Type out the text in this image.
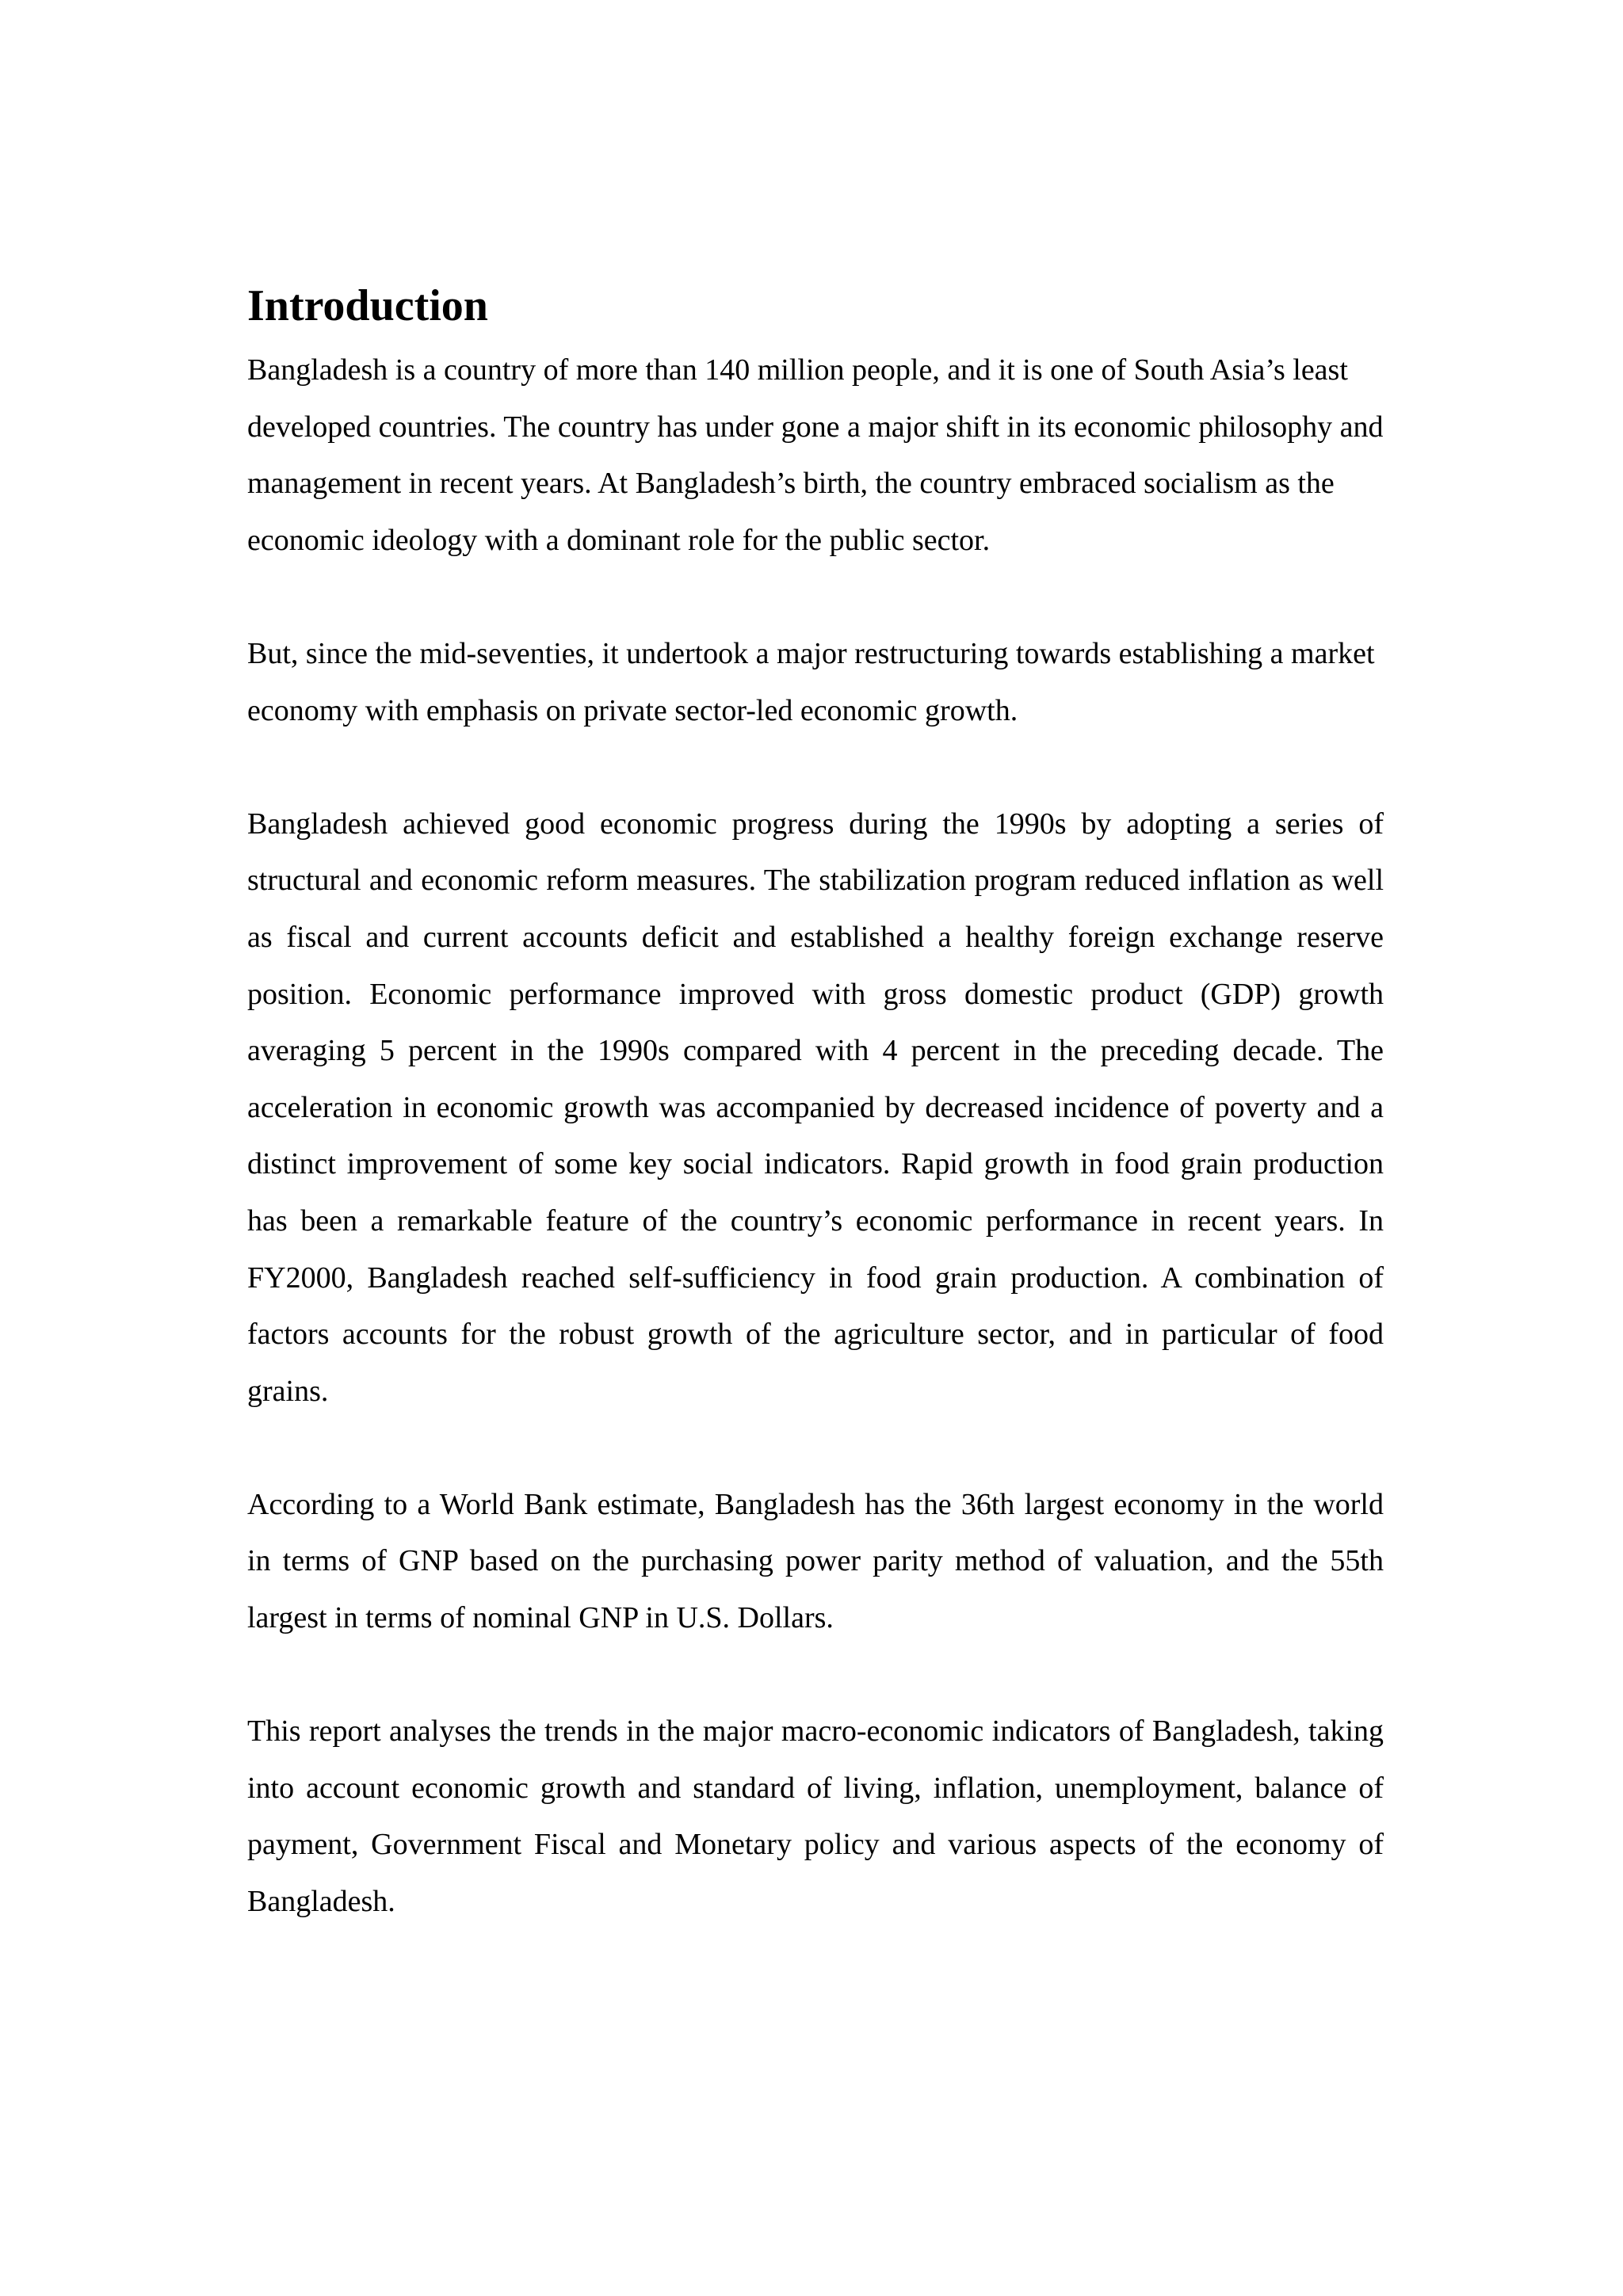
Introduction

Bangladesh is a country of more than 140 million people, and it is one of South Asia’s least developed countries. The country has under gone a major shift in its economic philosophy and management in recent years. At Bangladesh’s birth, the country embraced socialism as the economic ideology with a dominant role for the public sector.

But, since the mid-seventies, it undertook a major restructuring towards establishing a market economy with emphasis on private sector-led economic growth.

Bangladesh achieved good economic progress during the 1990s by adopting a series of structural and economic reform measures. The stabilization program reduced inflation as well as fiscal and current accounts deficit and established a healthy foreign exchange reserve position. Economic performance improved with gross domestic product (GDP) growth averaging 5 percent in the 1990s compared with 4 percent in the preceding decade. The acceleration in economic growth was accompanied by decreased incidence of poverty and a distinct improvement of some key social indicators. Rapid growth in food grain production has been a remarkable feature of the country’s economic performance in recent years. In FY2000, Bangladesh reached self-sufficiency in food grain production. A combination of factors accounts for the robust growth of the agriculture sector, and in particular of food grains.

According to a World Bank estimate, Bangladesh has the 36th largest economy in the world in terms of GNP based on the purchasing power parity method of valuation, and the 55th largest in terms of nominal GNP in U.S. Dollars.

This report analyses the trends in the major macro-economic indicators of Bangladesh, taking into account economic growth and standard of living, inflation, unemployment, balance of payment, Government Fiscal and Monetary policy and various aspects of the economy of Bangladesh.
